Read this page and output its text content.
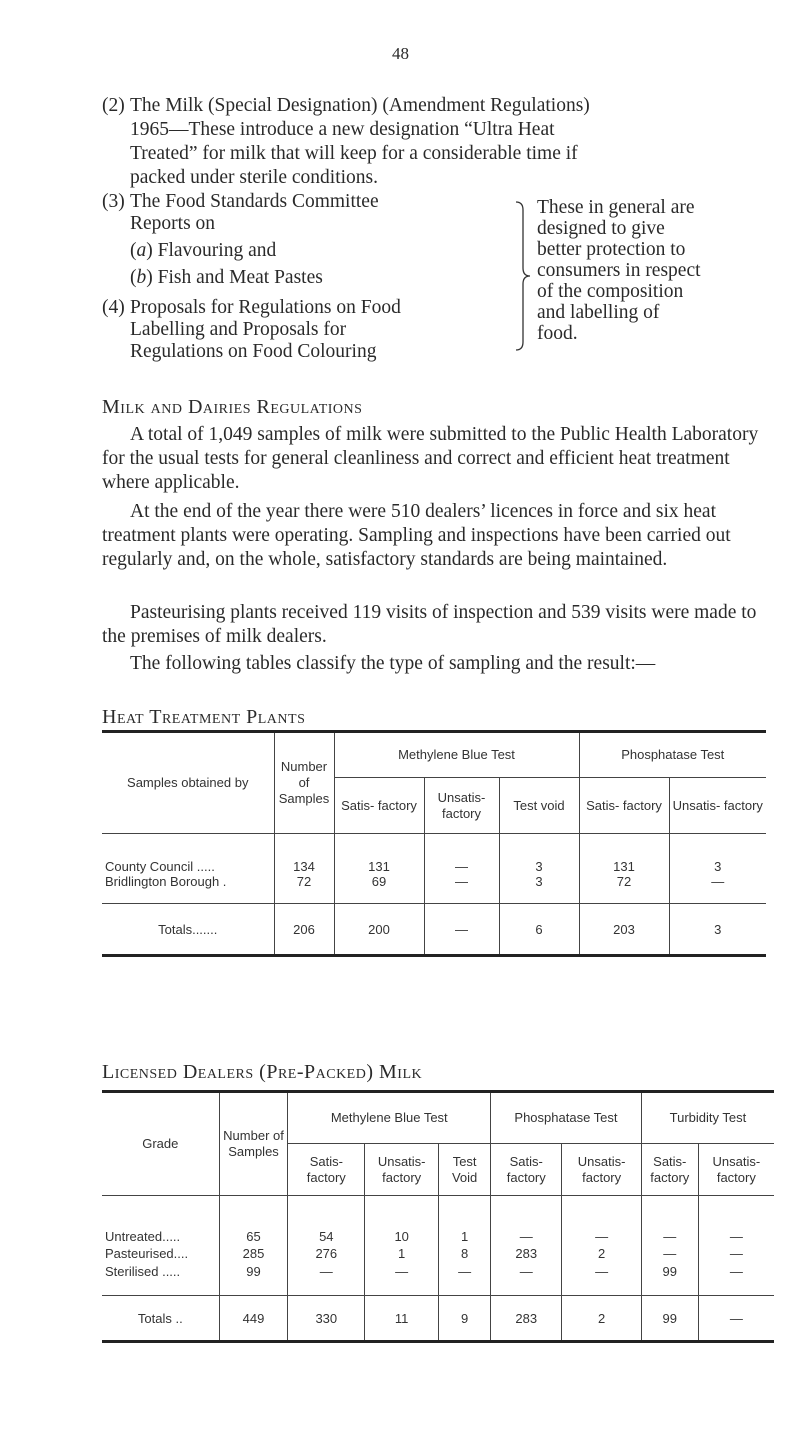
48
(2) The Milk (Special Designation) (Amendment Regulations)
1965—These introduce a new designation “Ultra Heat
Treated” for milk that will keep for a considerable time if
packed under sterile conditions.
(3) The Food Standards Committee
Reports on
(a) Flavouring and
(b) Fish and Meat Pastes
(4) Proposals for Regulations on Food
Labelling and Proposals for
Regulations on Food Colouring
These in general are
designed to give
better protection to
consumers in respect
of the composition
and labelling of
food.
Milk and Dairies Regulations
A total of 1,049 samples of milk were submitted to the Public Health Laboratory for the usual tests for general cleanliness and correct and efficient heat treatment where applicable.
At the end of the year there were 510 dealers’ licences in force and six heat treatment plants were operating. Sampling and inspections have been carried out regularly and, on the whole, satisfactory standards are being maintained.
Pasteurising plants received 119 visits of inspection and 539 visits were made to the premises of milk dealers.
The following tables classify the type of sampling and the result:—
Heat Treatment Plants
Samples obtained by	Number of Samples	Methylene Blue Test			Phosphatase Test	
		Satis- factory	Unsatis- factory	Test void	Satis- factory	Unsatis- factory
County Council .....	134	131	—	3	131	3
Bridlington Borough .	72	69	—	3	72	—
Totals.......	206	200	—	6	203	3
Licensed Dealers (Pre-Packed) Milk
Grade	Number of Samples	Methylene Blue Test			Phosphatase Test		Turbidity Test	
		Satis- factory	Unsatis- factory	Test Void	Satis- factory	Unsatis- factory	Satis- factory	Unsatis- factory
Untreated.....	65	54	10	1	—	—	—	—
Pasteurised....	285	276	1	8	283	2	—	—
Sterilised .....	99	—	—	—	—	—	99	—
Totals ..	449	330	11	9	283	2	99	—
